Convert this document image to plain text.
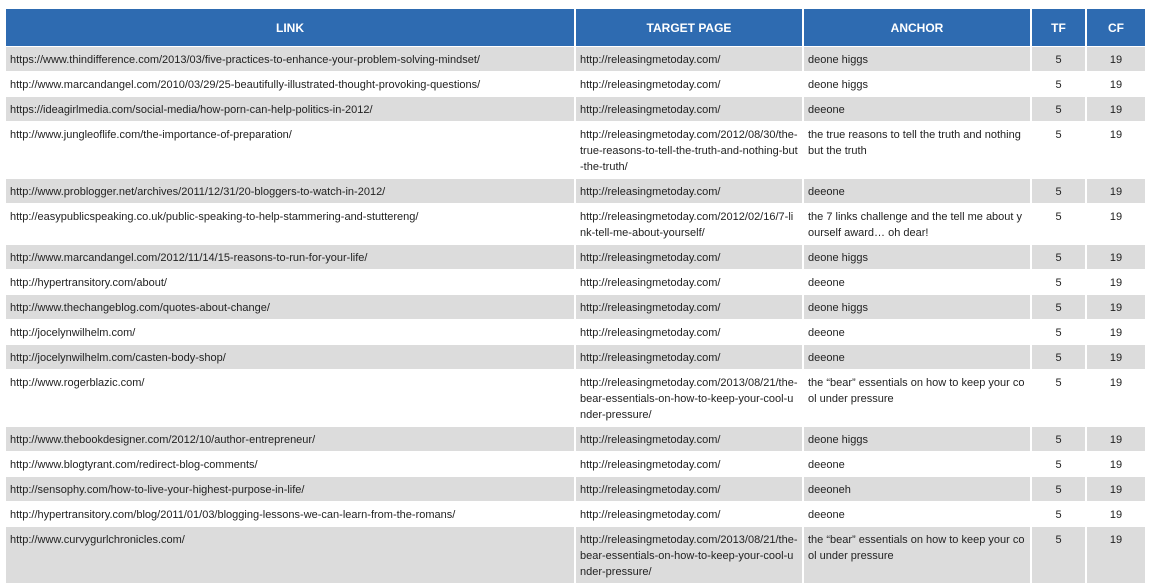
LINK	TARGET PAGE	ANCHOR	TF	CF
https://www.thindifference.com/2013/03/five-practices-to-enhance-your-problem-solving-mindset/	http://releasingmetoday.com/	deone higgs	5	19
http://www.marcandangel.com/2010/03/29/25-beautifully-illustrated-thought-provoking-questions/	http://releasingmetoday.com/	deone higgs	5	19
https://ideagirlmedia.com/social-media/how-porn-can-help-politics-in-2012/	http://releasingmetoday.com/	deeone	5	19
http://www.jungleoflife.com/the-importance-of-preparation/	http://releasingmetoday.com/2012/08/30/the-true-reasons-to-tell-the-truth-and-nothing-but-the-truth/	the true reasons to tell the truth and nothing but the truth	5	19
http://www.problogger.net/archives/2011/12/31/20-bloggers-to-watch-in-2012/	http://releasingmetoday.com/	deeone	5	19
http://easypublicspeaking.co.uk/public-speaking-to-help-stammering-and-stuttereng/	http://releasingmetoday.com/2012/02/16/7-link-tell-me-about-yourself/	the 7 links challenge and the tell me about yourself award… oh dear!	5	19
http://www.marcandangel.com/2012/11/14/15-reasons-to-run-for-your-life/	http://releasingmetoday.com/	deone higgs	5	19
http://hypertransitory.com/about/	http://releasingmetoday.com/	deeone	5	19
http://www.thechangeblog.com/quotes-about-change/	http://releasingmetoday.com/	deone higgs	5	19
http://jocelynwilhelm.com/	http://releasingmetoday.com/	deeone	5	19
http://jocelynwilhelm.com/casten-body-shop/	http://releasingmetoday.com/	deeone	5	19
http://www.rogerblazic.com/	http://releasingmetoday.com/2013/08/21/the-bear-essentials-on-how-to-keep-your-cool-under-pressure/	the “bear” essentials on how to keep your cool under pressure	5	19
http://www.thebookdesigner.com/2012/10/author-entrepreneur/	http://releasingmetoday.com/	deone higgs	5	19
http://www.blogtyrant.com/redirect-blog-comments/	http://releasingmetoday.com/	deeone	5	19
http://sensophy.com/how-to-live-your-highest-purpose-in-life/	http://releasingmetoday.com/	deeoneh	5	19
http://hypertransitory.com/blog/2011/01/03/blogging-lessons-we-can-learn-from-the-romans/	http://releasingmetoday.com/	deeone	5	19
http://www.curvygurlchronicles.com/	http://releasingmetoday.com/2013/08/21/the-bear-essentials-on-how-to-keep-your-cool-under-pressure/	the “bear” essentials on how to keep your cool under pressure	5	19
